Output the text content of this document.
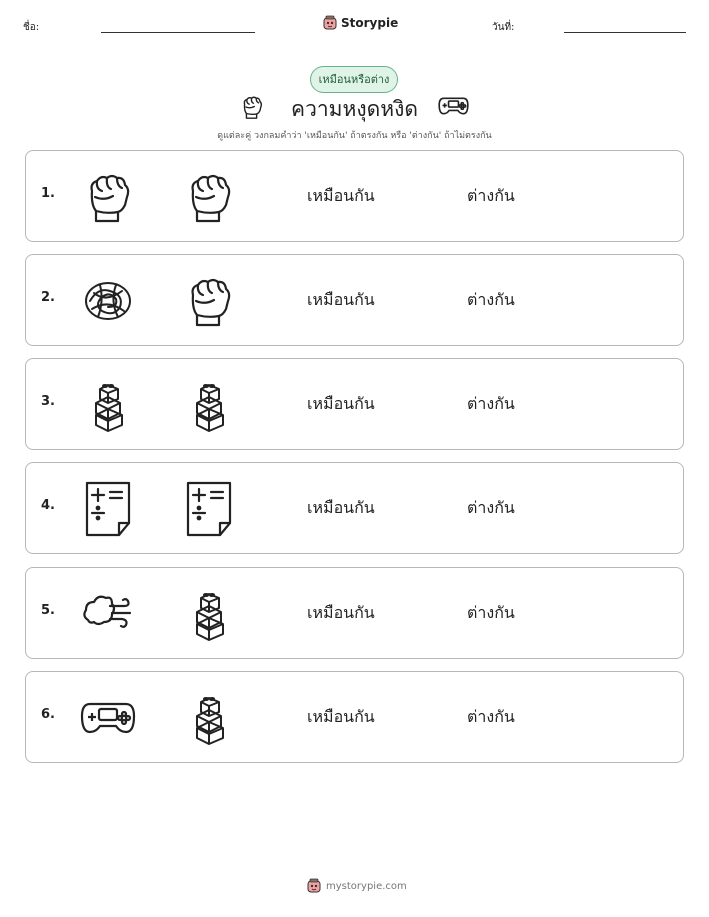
ชื่อ:	Storypie	วันที่:
เหมือนหรือต่าง
ความหงุดหงิด
ดูแต่ละคู่ วงกลมคำว่า 'เหมือนกัน' ถ้าตรงกัน หรือ 'ต่างกัน' ถ้าไม่ตรงกัน
1.	เหมือนกัน	ต่างกัน
2.	เหมือนกัน	ต่างกัน
3.	เหมือนกัน	ต่างกัน
4.	เหมือนกัน	ต่างกัน
5.	เหมือนกัน	ต่างกัน
6.	เหมือนกัน	ต่างกัน
mystorypie.com
